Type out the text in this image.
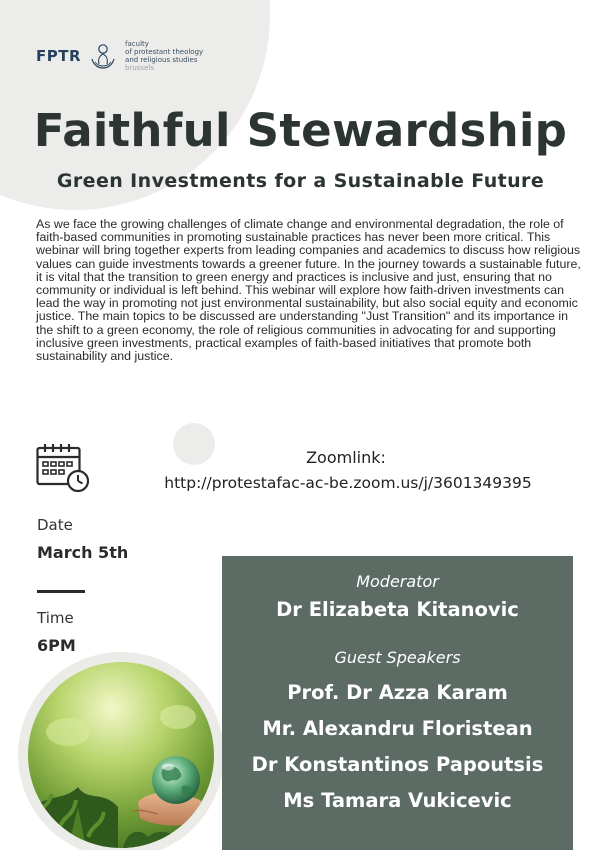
FPTR
faculty
of protestant theology
and religious studies
brussels
Faithful Stewardship
Green Investments for a Sustainable Future

As we face the growing challenges of climate change and environmental degradation, the role of faith-based communities in promoting sustainable practices has never been more critical. This webinar will bring together experts from leading companies and academics to discuss how religious values can guide investments towards a greener future. In the journey towards a sustainable future, it is vital that the transition to green energy and practices is inclusive and just, ensuring that no community or individual is left behind. This webinar will explore how faith-driven investments can lead the way in promoting not just environmental sustainability, but also social equity and economic justice. The main topics to be discussed are understanding "Just Transition" and its importance in the shift to a green economy, the role of religious communities in advocating for and supporting inclusive green investments, practical examples of faith-based initiatives that promote both sustainability and justice.

Zoomlink:
http://protestafac-ac-be.zoom.us/j/3601349395
Date
March 5th
Time
6PM
Moderator
Dr Elizabeta Kitanovic
Guest Speakers
Prof. Dr Azza Karam
Mr. Alexandru Floristean
Dr Konstantinos Papoutsis
Ms Tamara Vukicevic
